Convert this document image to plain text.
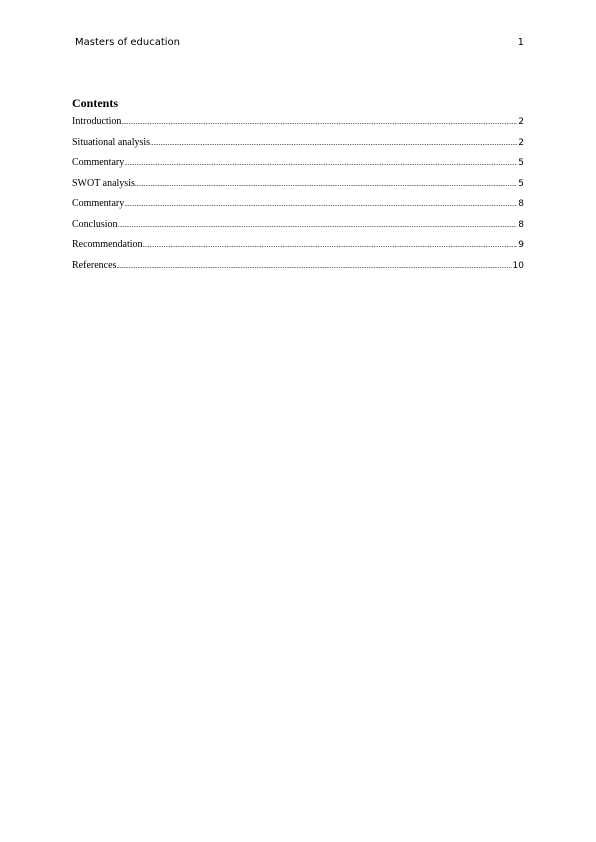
Masters of education	1
Contents
Introduction .....	2
Situational analysis .....	2
Commentary .....	5
SWOT analysis .....	5
Commentary .....	8
Conclusion .....	8
Recommendation .....	9
References .....	10
